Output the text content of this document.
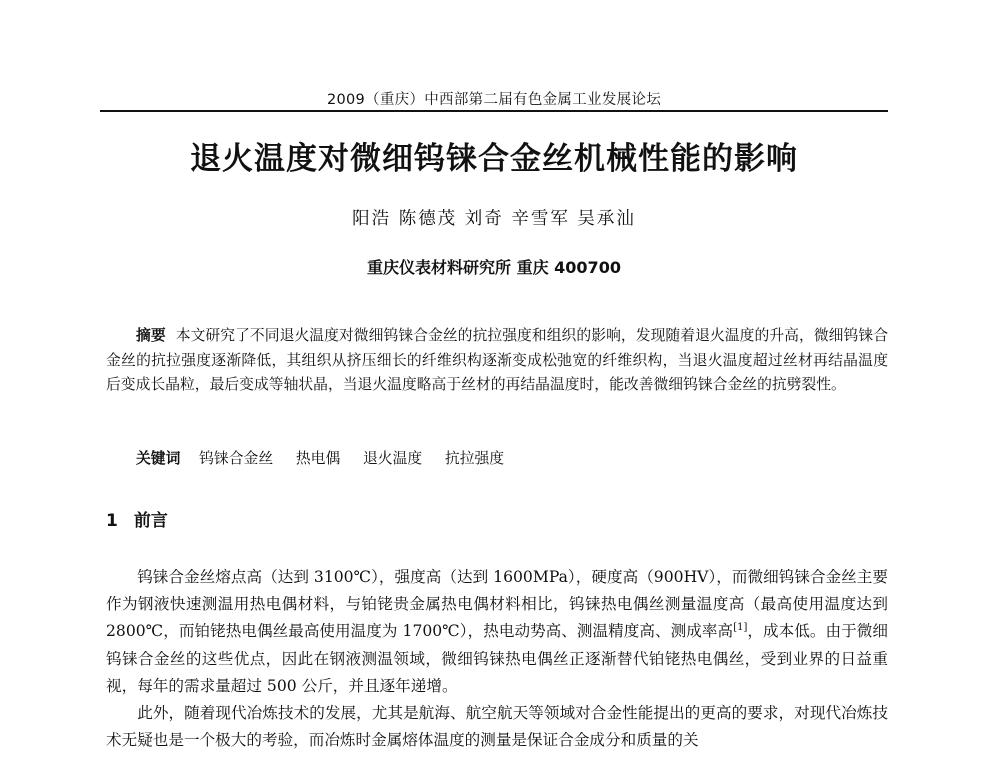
2009（重庆）中西部第二届有色金属工业发展论坛
退火温度对微细钨铼合金丝机械性能的影响
阳浩 陈德茂 刘奇 辛雪军 吴承汕
重庆仪表材料研究所 重庆 400700
摘要 本文研究了不同退火温度对微细钨铼合金丝的抗拉强度和组织的影响，发现随着退火温度的升高，微细钨铼合金丝的抗拉强度逐渐降低，其组织从挤压细长的纤维织构逐渐变成松弛宽的纤维织构，当退火温度超过丝材再结晶温度后变成长晶粒，最后变成等轴状晶，当退火温度略高于丝材的再结晶温度时，能改善微细钨铼合金丝的抗劈裂性。
关键词 钨铼合金丝 热电偶 退火温度 抗拉强度
1 前言

钨铼合金丝熔点高（达到 3100℃），强度高（达到 1600MPa），硬度高（900HV），而微细钨铼合金丝主要作为钢液快速测温用热电偶材料，与铂铑贵金属热电偶材料相比，钨铼热电偶丝测量温度高（最高使用温度达到 2800℃，而铂铑热电偶丝最高使用温度为 1700℃），热电动势高、测温精度高、测成率高[1]，成本低。由于微细钨铼合金丝的这些优点，因此在钢液测温领域，微细钨铼热电偶丝正逐渐替代铂铑热电偶丝，受到业界的日益重视，每年的需求量超过 500 公斤，并且逐年递增。

此外，随着现代冶炼技术的发展，尤其是航海、航空航天等领域对合金性能提出的更高的要求，对现代冶炼技术无疑也是一个极大的考验，而冶炼时金属熔体温度的测量是保证合金成分和质量的关
